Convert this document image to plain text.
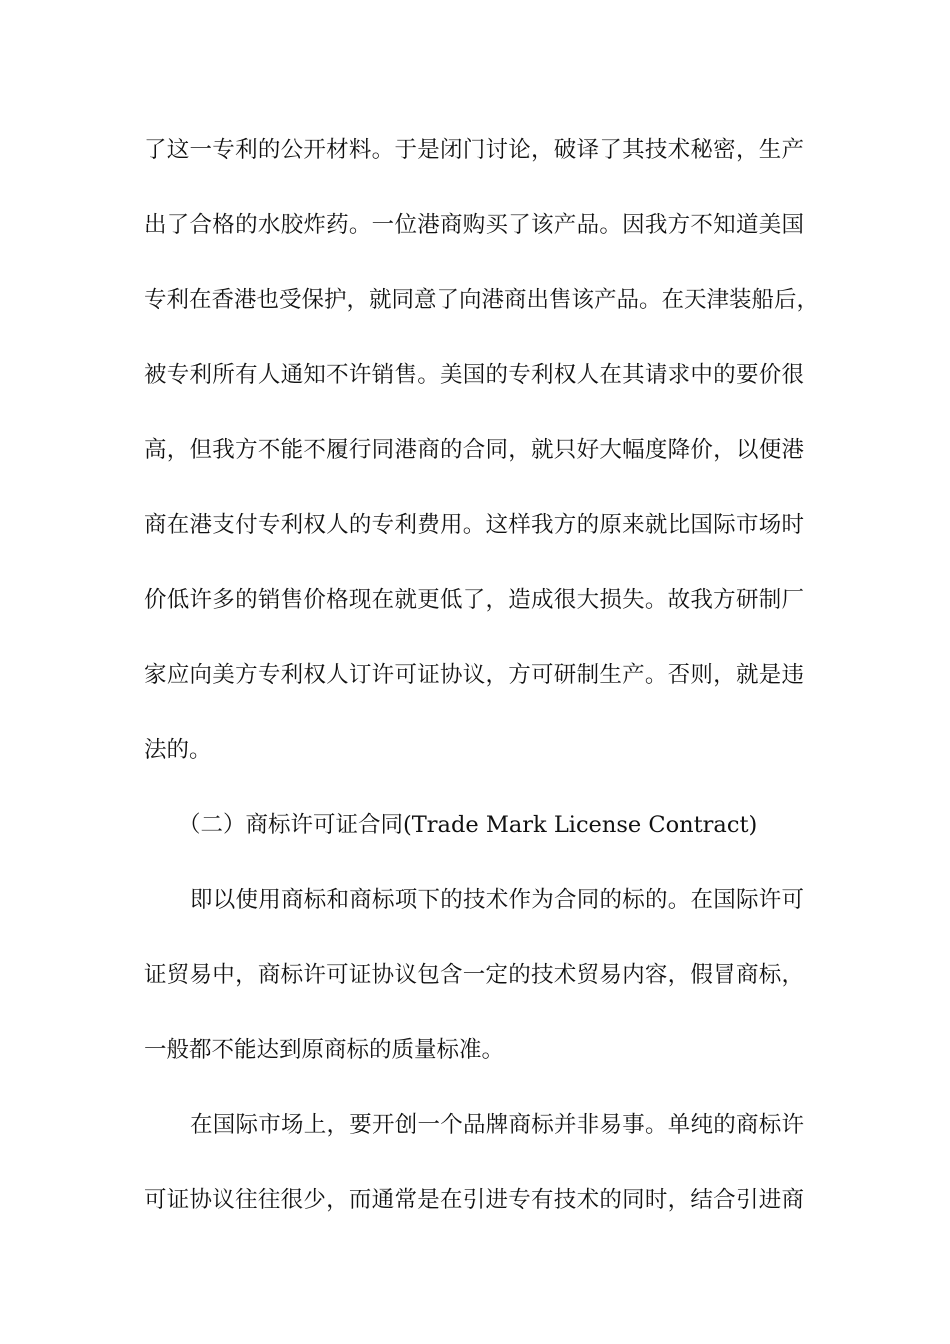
了这一专利的公开材料。于是闭门讨论，破译了其技术秘密，生产
出了合格的水胶炸药。一位港商购买了该产品。因我方不知道美国
专利在香港也受保护，就同意了向港商出售该产品。在天津装船后，
被专利所有人通知不许销售。美国的专利权人在其请求中的要价很
高，但我方不能不履行同港商的合同，就只好大幅度降价，以便港
商在港支付专利权人的专利费用。这样我方的原来就比国际市场时
价低许多的销售价格现在就更低了，造成很大损失。故我方研制厂
家应向美方专利权人订许可证协议，方可研制生产。否则，就是违
法的。
（二）商标许可证合同(Trade Mark License Contract)
即以使用商标和商标项下的技术作为合同的标的。在国际许可
证贸易中，商标许可证协议包含一定的技术贸易内容，假冒商标，
一般都不能达到原商标的质量标准。
在国际市场上，要开创一个品牌商标并非易事。单纯的商标许
可证协议往往很少，而通常是在引进专有技术的同时，结合引进商
